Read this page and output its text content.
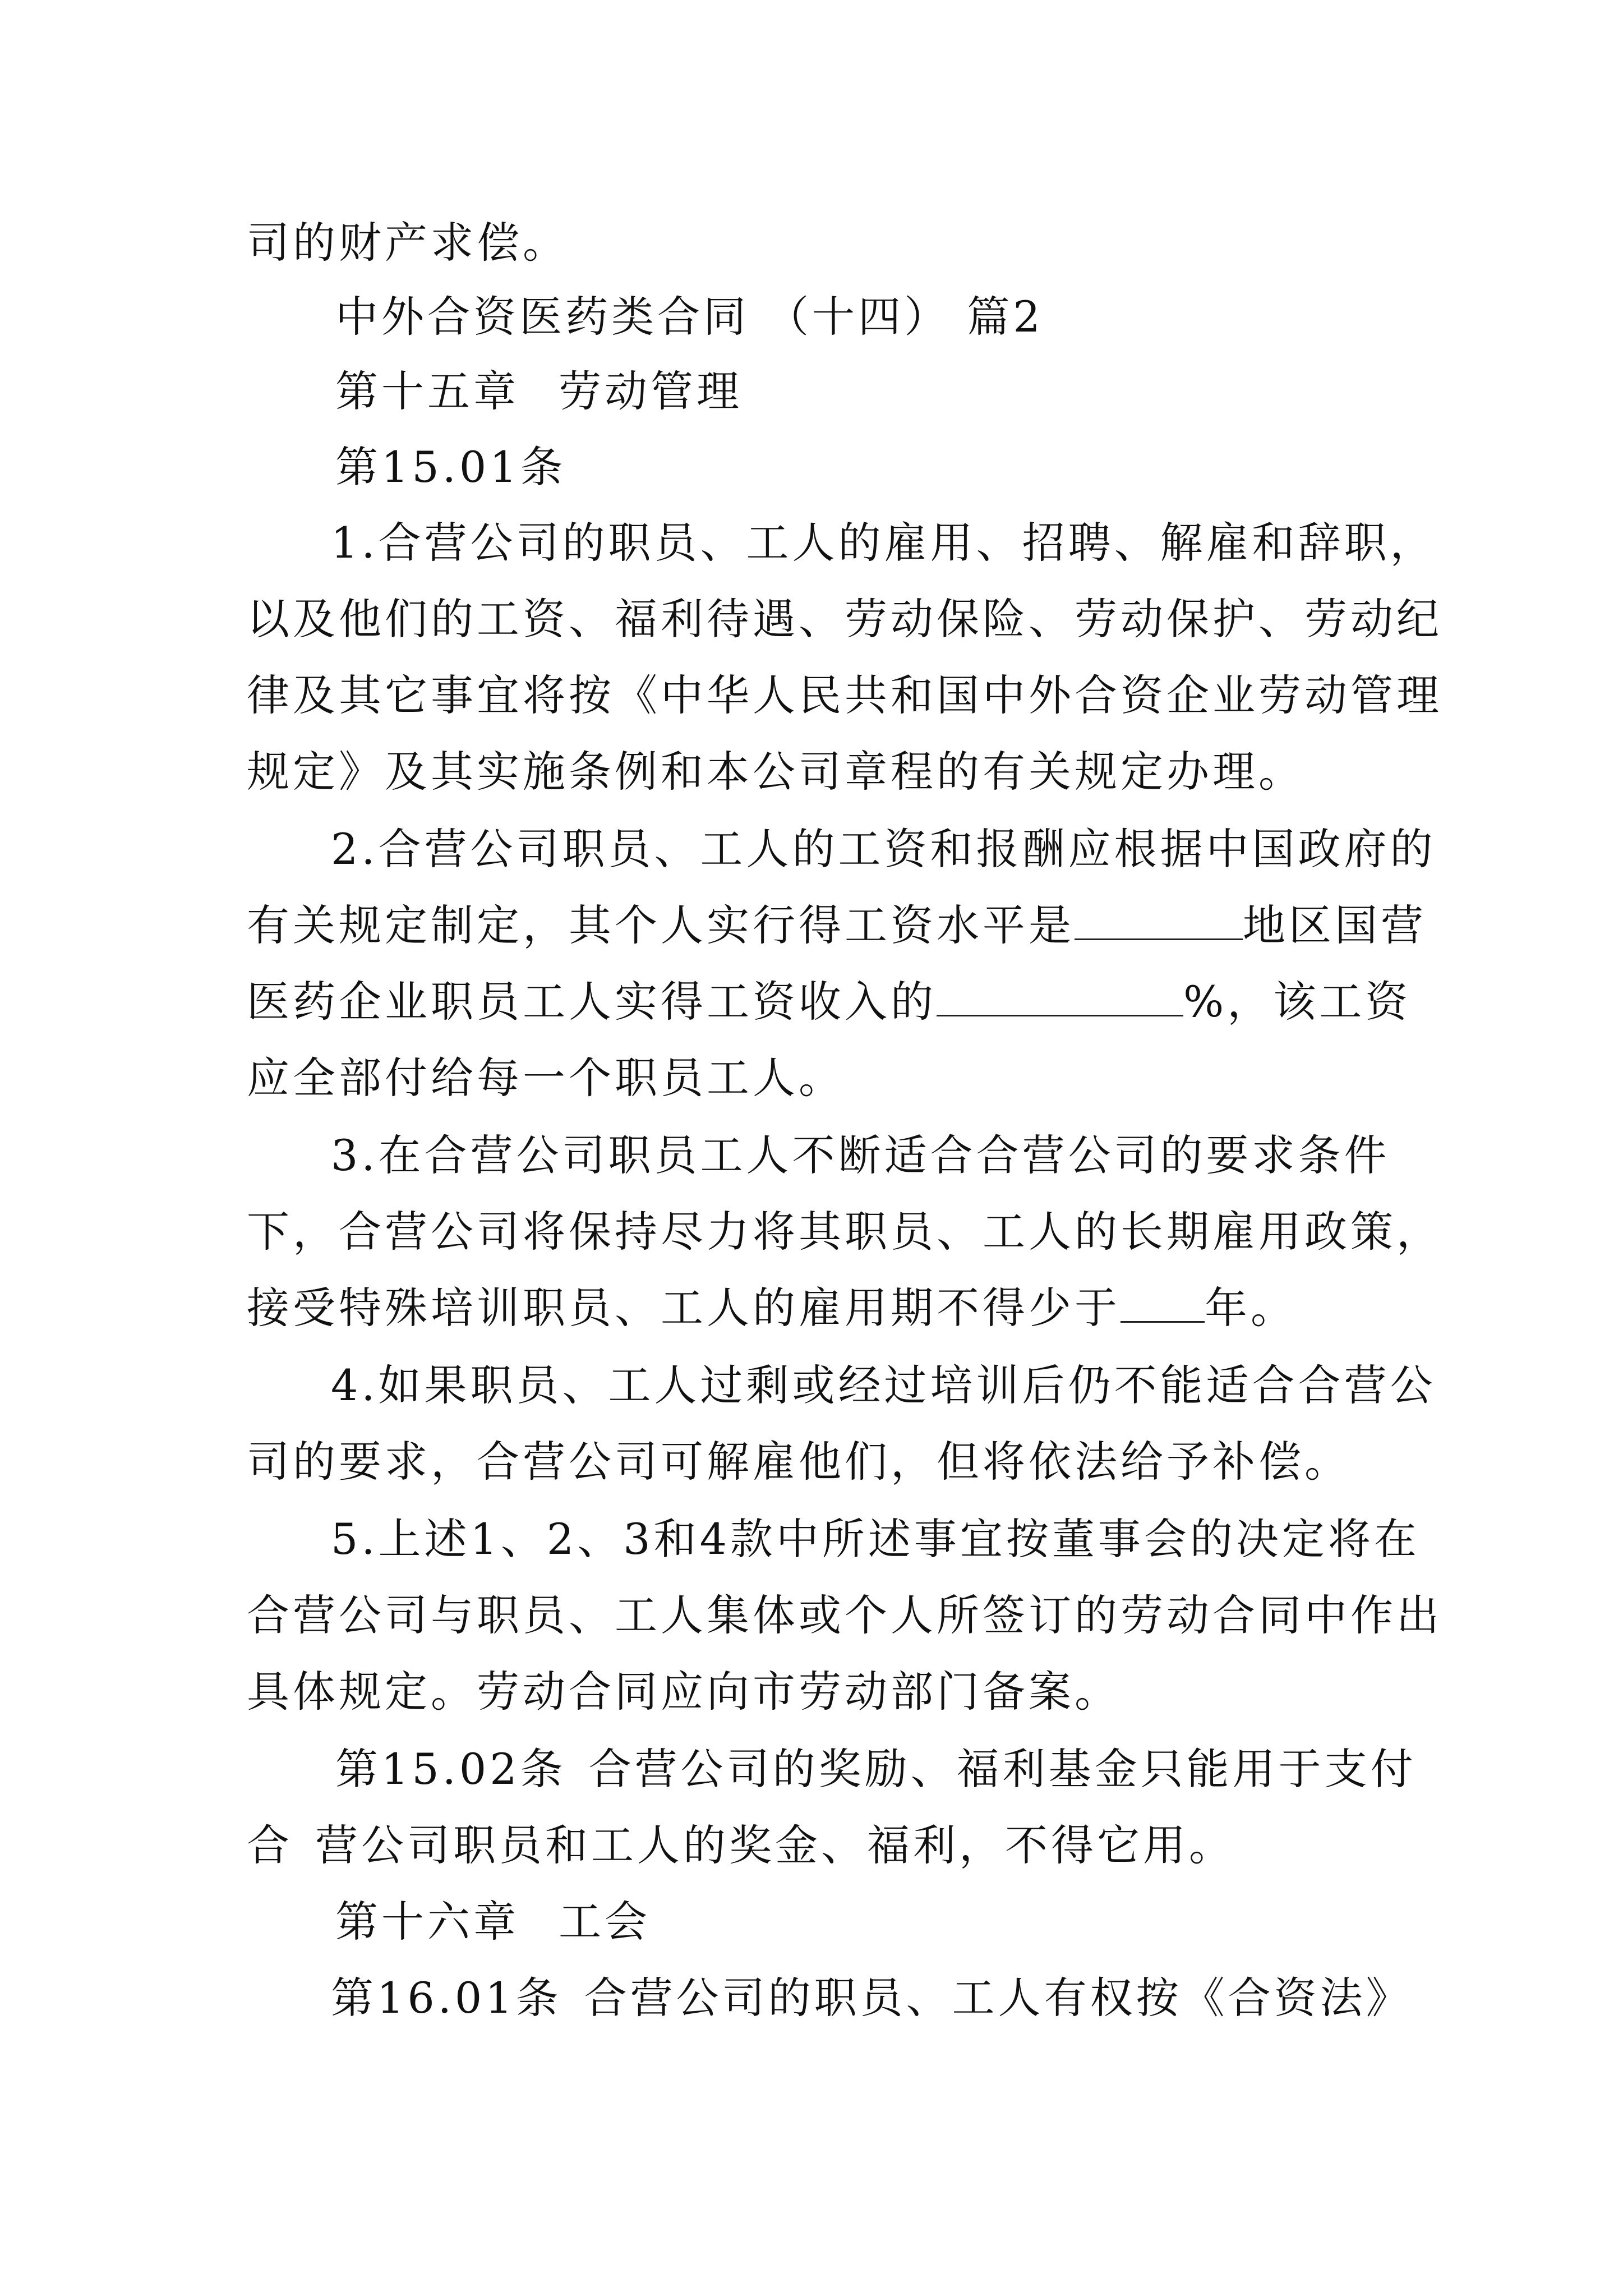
司的财产求偿。
中外合资医药类合同 （十四） 篇2
第十五章 劳动管理
第15.01条
1.合营公司的职员、工人的雇用、招聘、解雇和辞职，
以及他们的工资、福利待遇、劳动保险、劳动保护、劳动纪
律及其它事宜将按《中华人民共和国中外合资企业劳动管理
规定》及其实施条例和本公司章程的有关规定办理。
2.合营公司职员、工人的工资和报酬应根据中国政府的
有关规定制定，其个人实行得工资水平是	地区国营
医药企业职员工人实得工资收入的	%，该工资
应全部付给每一个职员工人。
3.在合营公司职员工人不断适合合营公司的要求条件
下，合营公司将保持尽力将其职员、工人的长期雇用政策，
接受特殊培训职员、工人的雇用期不得少于 年。
4.如果职员、工人过剩或经过培训后仍不能适合合营公
司的要求，合营公司可解雇他们，但将依法给予补偿。
5.上述1、2、3和4款中所述事宜按董事会的决定将在
合营公司与职员、工人集体或个人所签订的劳动合同中作出
具体规定。劳动合同应向市劳动部门备案。
第15.02条 合营公司的奖励、福利基金只能用于支付
合 营公司职员和工人的奖金、福利，不得它用。
第十六章 工会
第16.01条 合营公司的职员、工人有权按《合资法》
